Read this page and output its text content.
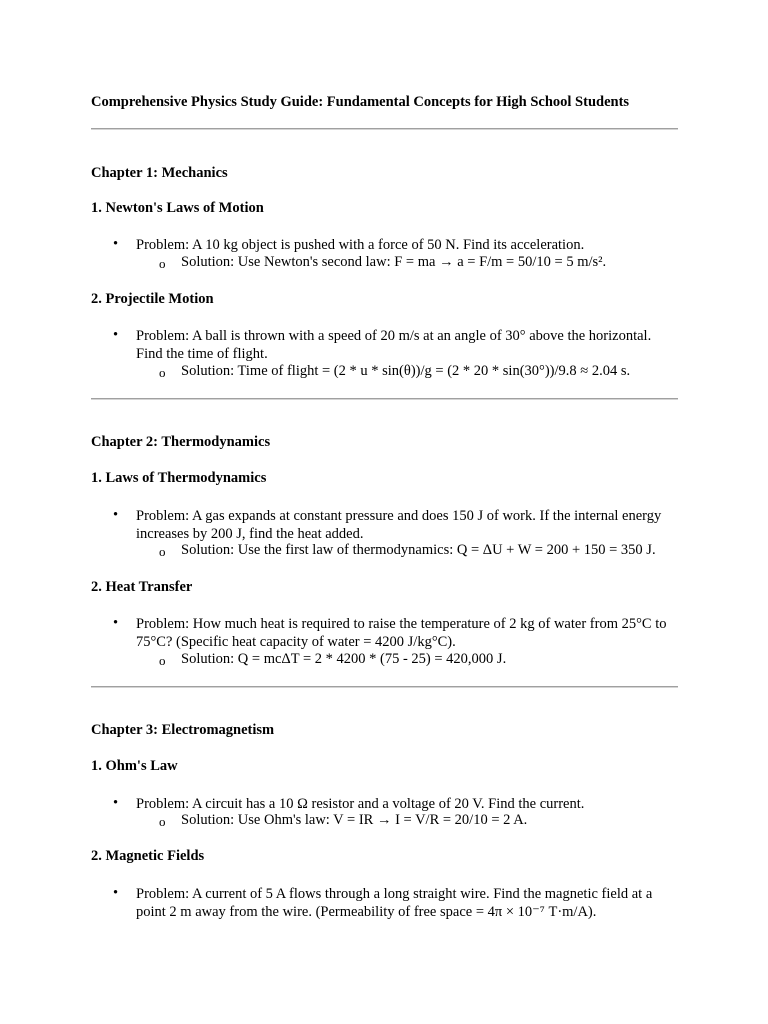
Comprehensive Physics Study Guide: Fundamental Concepts for High School Students
Chapter 1: Mechanics
1. Newton's Laws of Motion
• Problem: A 10 kg object is pushed with a force of 50 N. Find its acceleration.
o Solution: Use Newton's second law: F = ma → a = F/m = 50/10 = 5 m/s².
2. Projectile Motion
• Problem: A ball is thrown with a speed of 20 m/s at an angle of 30° above the horizontal. Find the time of flight.
o Solution: Time of flight = (2 * u * sin(θ))/g = (2 * 20 * sin(30°))/9.8 ≈ 2.04 s.
Chapter 2: Thermodynamics
1. Laws of Thermodynamics
• Problem: A gas expands at constant pressure and does 150 J of work. If the internal energy increases by 200 J, find the heat added.
o Solution: Use the first law of thermodynamics: Q = ΔU + W = 200 + 150 = 350 J.
2. Heat Transfer
• Problem: How much heat is required to raise the temperature of 2 kg of water from 25°C to 75°C? (Specific heat capacity of water = 4200 J/kg°C).
o Solution: Q = mcΔT = 2 * 4200 * (75 - 25) = 420,000 J.
Chapter 3: Electromagnetism
1. Ohm's Law
• Problem: A circuit has a 10 Ω resistor and a voltage of 20 V. Find the current.
o Solution: Use Ohm's law: V = IR → I = V/R = 20/10 = 2 A.
2. Magnetic Fields
• Problem: A current of 5 A flows through a long straight wire. Find the magnetic field at a point 2 m away from the wire. (Permeability of free space = 4π × 10⁻⁷ T·m/A).
